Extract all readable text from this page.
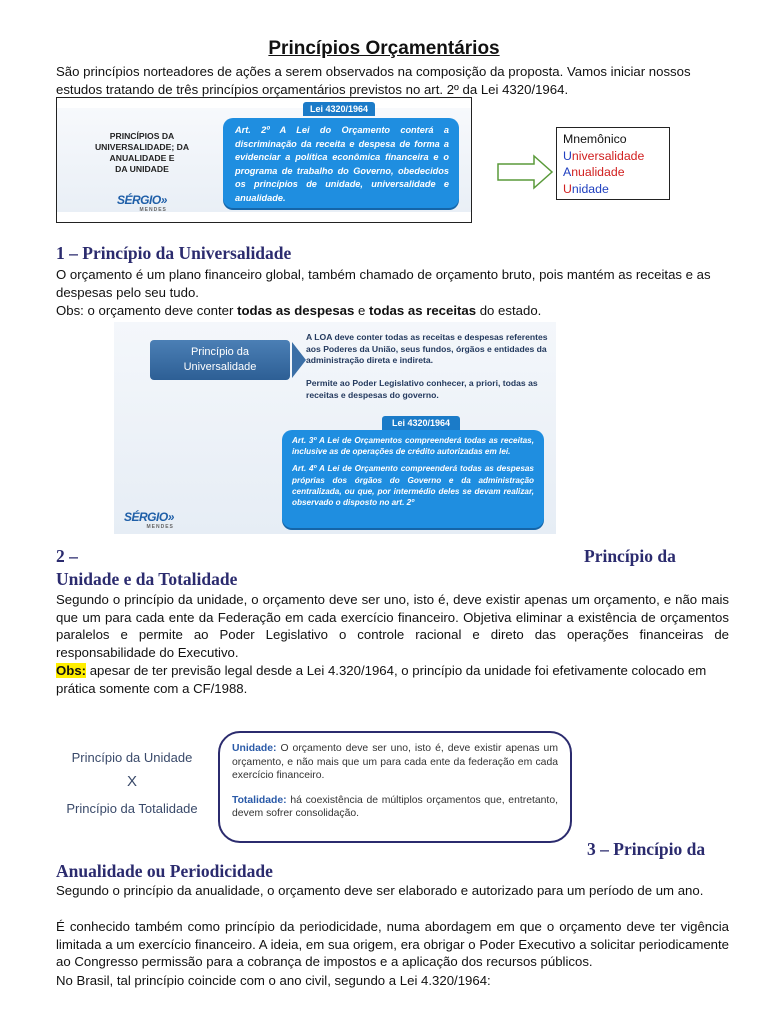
Princípios Orçamentários
São princípios norteadores de ações a serem observados na composição da proposta. Vamos iniciar nossos estudos tratando de três princípios orçamentários previstos no art. 2º da Lei 4320/1964.
PRINCÍPIOS DA
UNIVERSALIDADE; DA
ANUALIDADE E
DA UNIDADE
SÉRGIO»
MENDES
Lei 4320/1964
Art. 2º A Lei do Orçamento conterá a discriminação da receita e despesa de forma a evidenciar a política econômica financeira e o programa de trabalho do Governo, obedecidos os princípios de unidade, universalidade e anualidade.
Mnemônico
Universalidade
Anualidade
Unidade
1 – Princípio da Universalidade
O orçamento é um plano financeiro global, também chamado de orçamento bruto, pois mantém as receitas e as despesas pelo seu tudo.
Obs: o orçamento deve conter todas as despesas e todas as receitas do estado.
Princípio da
Universalidade
A LOA deve conter todas as receitas e despesas referentes aos Poderes da União, seus fundos, órgãos e entidades da administração direta e indireta.
Permite ao Poder Legislativo conhecer, a priori, todas as receitas e despesas do governo.
Lei 4320/1964
Art. 3º A Lei de Orçamentos compreenderá todas as receitas, inclusive as de operações de crédito autorizadas em lei.
Art. 4º A Lei de Orçamento compreenderá todas as despesas próprias dos órgãos do Governo e da administração centralizada, ou que, por intermédio deles se devam realizar, observado o disposto no art. 2º
SÉRGIO»
MENDES
2 –	Princípio da
Unidade e da Totalidade
Segundo o princípio da unidade, o orçamento deve ser uno, isto é, deve existir apenas um orçamento, e não mais que um para cada ente da Federação em cada exercício financeiro. Objetiva eliminar a existência de orçamentos paralelos e permite ao Poder Legislativo o controle racional e direto das operações financeiras de responsabilidade do Executivo.
Obs: apesar de ter previsão legal desde a Lei 4.320/1964, o princípio da unidade foi efetivamente colocado em prática somente com a CF/1988.
Princípio da Unidade
X
Princípio da Totalidade
Unidade: O orçamento deve ser uno, isto é, deve existir apenas um orçamento, e não mais que um para cada ente da federação em cada exercício financeiro.
Totalidade: há coexistência de múltiplos orçamentos que, entretanto, devem sofrer consolidação.
3 – Princípio da
Anualidade ou Periodicidade
Segundo o princípio da anualidade, o orçamento deve ser elaborado e autorizado para um período de um ano.
É conhecido também como princípio da periodicidade, numa abordagem em que o orçamento deve ter vigência limitada a um exercício financeiro. A ideia, em sua origem, era obrigar o Poder Executivo a solicitar periodicamente ao Congresso permissão para a cobrança de impostos e a aplicação dos recursos públicos.
No Brasil, tal princípio coincide com o ano civil, segundo a Lei 4.320/1964:
